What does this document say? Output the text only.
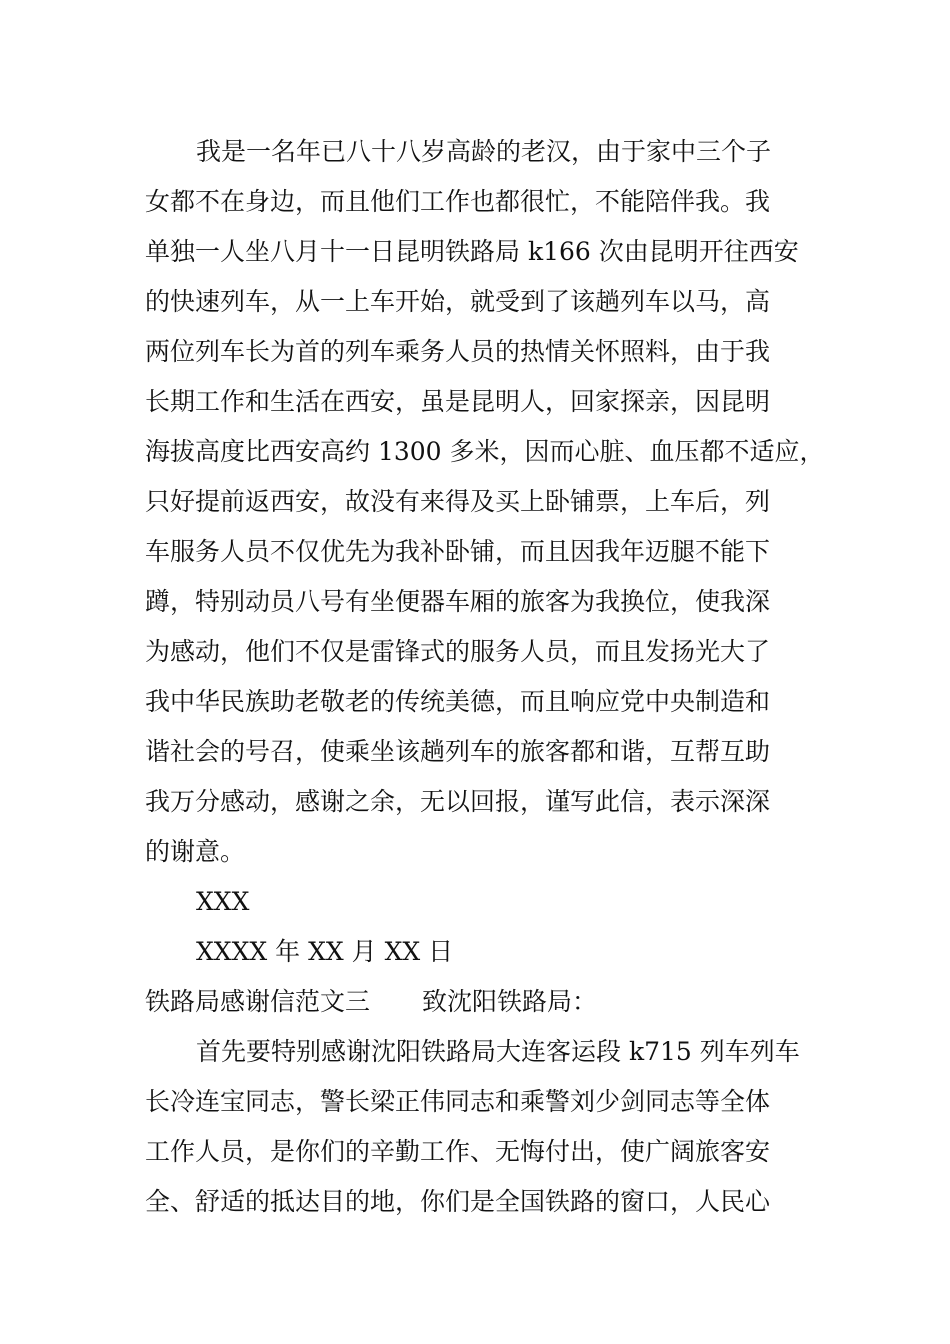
我是一名年已八十八岁高龄的老汉，由于家中三个子
女都不在身边，而且他们工作也都很忙，不能陪伴我。我
单独一人坐八月十一日昆明铁路局 k166 次由昆明开往西安
的快速列车，从一上车开始，就受到了该趟列车以马，高
两位列车长为首的列车乘务人员的热情关怀照料，由于我
长期工作和生活在西安，虽是昆明人，回家探亲，因昆明
海拔高度比西安高约 1300 多米，因而心脏、血压都不适应，
只好提前返西安，故没有来得及买上卧铺票，上车后，列
车服务人员不仅优先为我补卧铺，而且因我年迈腿不能下
蹲，特别动员八号有坐便器车厢的旅客为我换位，使我深
为感动，他们不仅是雷锋式的服务人员，而且发扬光大了
我中华民族助老敬老的传统美德，而且响应党中央制造和
谐社会的号召，使乘坐该趟列车的旅客都和谐，互帮互助
我万分感动，感谢之余，无以回报，谨写此信，表示深深
的谢意。
XXX
XXXX 年 XX 月 XX 日
铁路局感谢信范文三 致沈阳铁路局：
首先要特别感谢沈阳铁路局大连客运段 k715 列车列车
长冷连宝同志，警长梁正伟同志和乘警刘少剑同志等全体
工作人员，是你们的辛勤工作、无悔付出，使广阔旅客安
全、舒适的抵达目的地，你们是全国铁路的窗口，人民心
